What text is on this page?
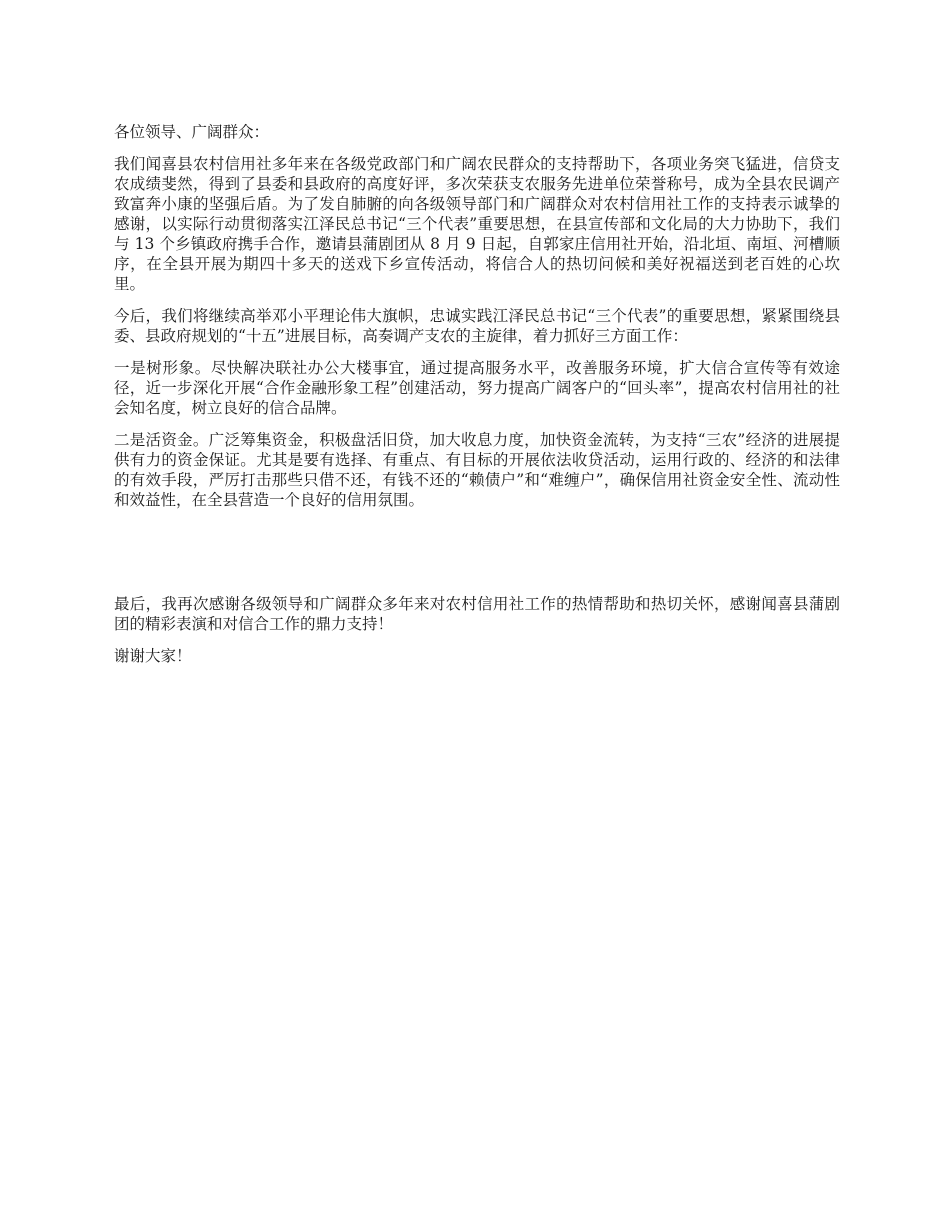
各位领导、广阔群众：

我们闻喜县农村信用社多年来在各级党政部门和广阔农民群众的支持帮助下，各项业务突飞猛进，信贷支农成绩斐然，得到了县委和县政府的高度好评，多次荣获支农服务先进单位荣誉称号，成为全县农民调产致富奔小康的坚强后盾。为了发自肺腑的向各级领导部门和广阔群众对农村信用社工作的支持表示诚挚的感谢，以实际行动贯彻落实江泽民总书记“三个代表”重要思想，在县宣传部和文化局的大力协助下，我们与 13 个乡镇政府携手合作，邀请县蒲剧团从 8 月 9 日起，自郭家庄信用社开始，沿北垣、南垣、河槽顺序，在全县开展为期四十多天的送戏下乡宣传活动，将信合人的热切问候和美好祝福送到老百姓的心坎里。

今后，我们将继续高举邓小平理论伟大旗帜，忠诚实践江泽民总书记“三个代表”的重要思想，紧紧围绕县委、县政府规划的“十五”进展目标，高奏调产支农的主旋律，着力抓好三方面工作：

一是树形象。尽快解决联社办公大楼事宜，通过提高服务水平，改善服务环境，扩大信合宣传等有效途径，近一步深化开展“合作金融形象工程”创建活动，努力提高广阔客户的“回头率”，提高农村信用社的社会知名度，树立良好的信合品牌。

二是活资金。广泛筹集资金，积极盘活旧贷，加大收息力度，加快资金流转，为支持“三农”经济的进展提供有力的资金保证。尤其是要有选择、有重点、有目标的开展依法收贷活动，运用行政的、经济的和法律的有效手段，严厉打击那些只借不还，有钱不还的“赖债户”和“难缠户”，确保信用社资金安全性、流动性和效益性，在全县营造一个良好的信用氛围。

最后，我再次感谢各级领导和广阔群众多年来对农村信用社工作的热情帮助和热切关怀，感谢闻喜县蒲剧团的精彩表演和对信合工作的鼎力支持！

谢谢大家！
